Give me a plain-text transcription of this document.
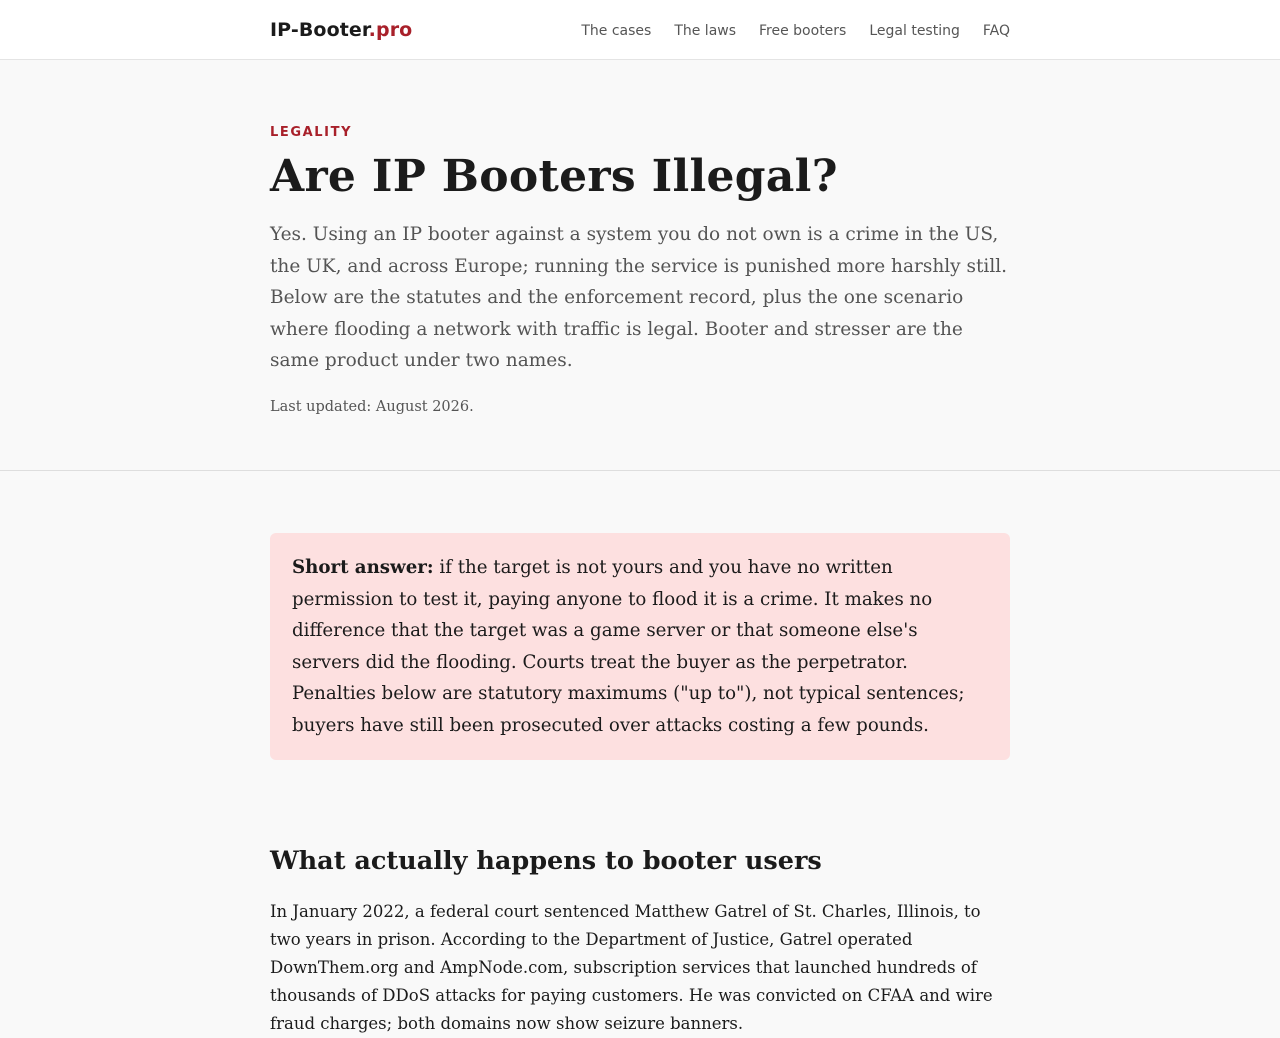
IP-Booter.pro	The cases The laws Free booters Legal testing FAQ
LEGALITY
Are IP Booters Illegal?

Yes. Using an IP booter against a system you do not own is a crime in the US, the UK, and across Europe; running the service is punished more harshly still. Below are the statutes and the enforcement record, plus the one scenario where flooding a network with traffic is legal. Booter and stresser are the same product under two names.

Last updated: August 2026.

Short answer: if the target is not yours and you have no written permission to test it, paying anyone to flood it is a crime. It makes no difference that the target was a game server or that someone else's servers did the flooding. Courts treat the buyer as the perpetrator. Penalties below are statutory maximums ("up to"), not typical sentences; buyers have still been prosecuted over attacks costing a few pounds.
What actually happens to booter users

In January 2022, a federal court sentenced Matthew Gatrel of St. Charles, Illinois, to two years in prison. According to the Department of Justice, Gatrel operated DownThem.org and AmpNode.com, subscription services that launched hundreds of thousands of DDoS attacks for paying customers. He was convicted on CFAA and wire fraud charges; both domains now show seizure banners.
